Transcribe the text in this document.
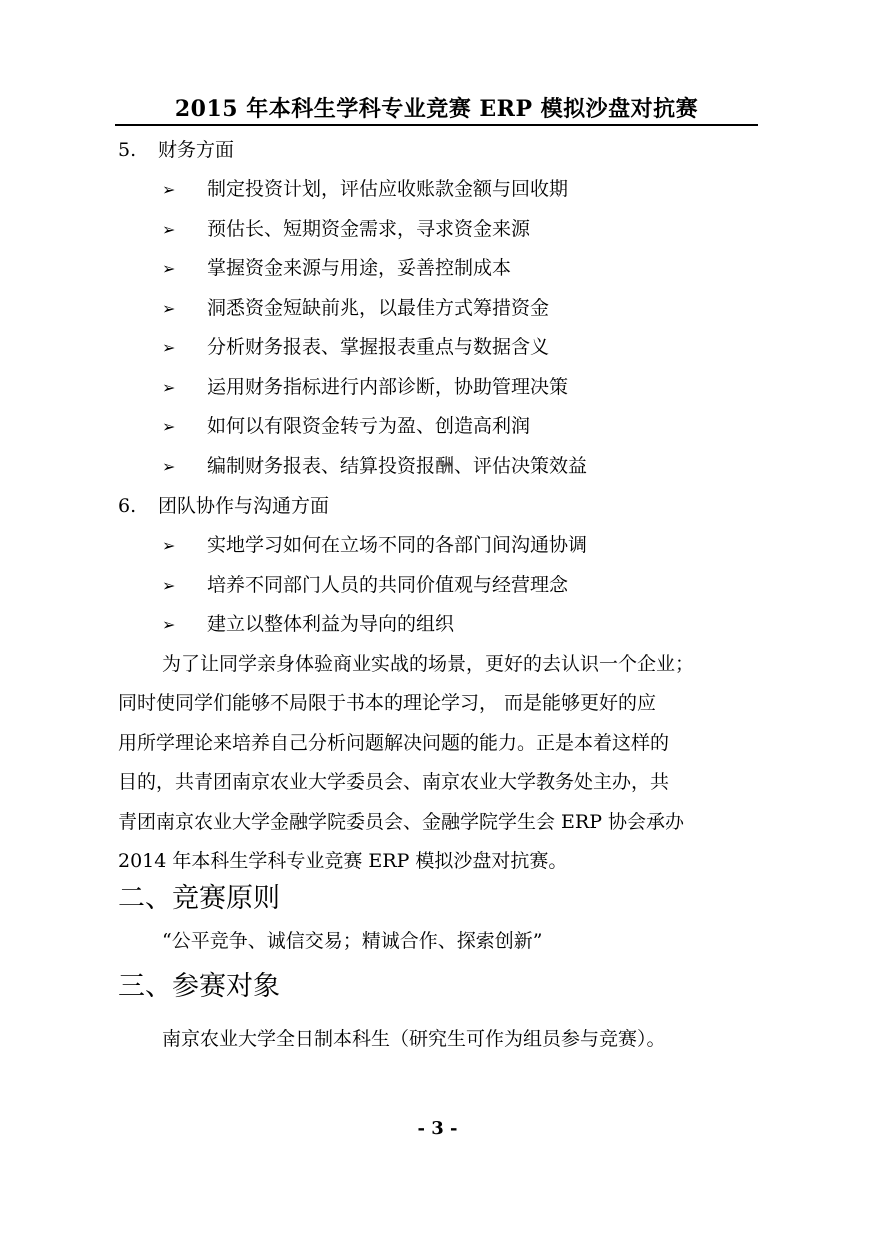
2015 年本科生学科专业竞赛 ERP 模拟沙盘对抗赛
5. 财务方面
➢ 制定投资计划，评估应收账款金额与回收期
➢ 预估长、短期资金需求，寻求资金来源
➢ 掌握资金来源与用途，妥善控制成本
➢ 洞悉资金短缺前兆，以最佳方式筹措资金
➢ 分析财务报表、掌握报表重点与数据含义
➢ 运用财务指标进行内部诊断，协助管理决策
➢ 如何以有限资金转亏为盈、创造高利润
➢ 编制财务报表、结算投资报酬、评估决策效益
6. 团队协作与沟通方面
➢ 实地学习如何在立场不同的各部门间沟通协调
➢ 培养不同部门人员的共同价值观与经营理念
➢ 建立以整体利益为导向的组织
为了让同学亲身体验商业实战的场景，更好的去认识一个企业；
同时使同学们能够不局限于书本的理论学习， 而是能够更好的应
用所学理论来培养自己分析问题解决问题的能力。正是本着这样的
目的，共青团南京农业大学委员会、南京农业大学教务处主办，共
青团南京农业大学金融学院委员会、金融学院学生会 ERP 协会承办
2014 年本科生学科专业竞赛 ERP 模拟沙盘对抗赛。
二、竞赛原则
“公平竞争、诚信交易；精诚合作、探索创新”
三、参赛对象
南京农业大学全日制本科生（研究生可作为组员参与竞赛）。
- 3 -
